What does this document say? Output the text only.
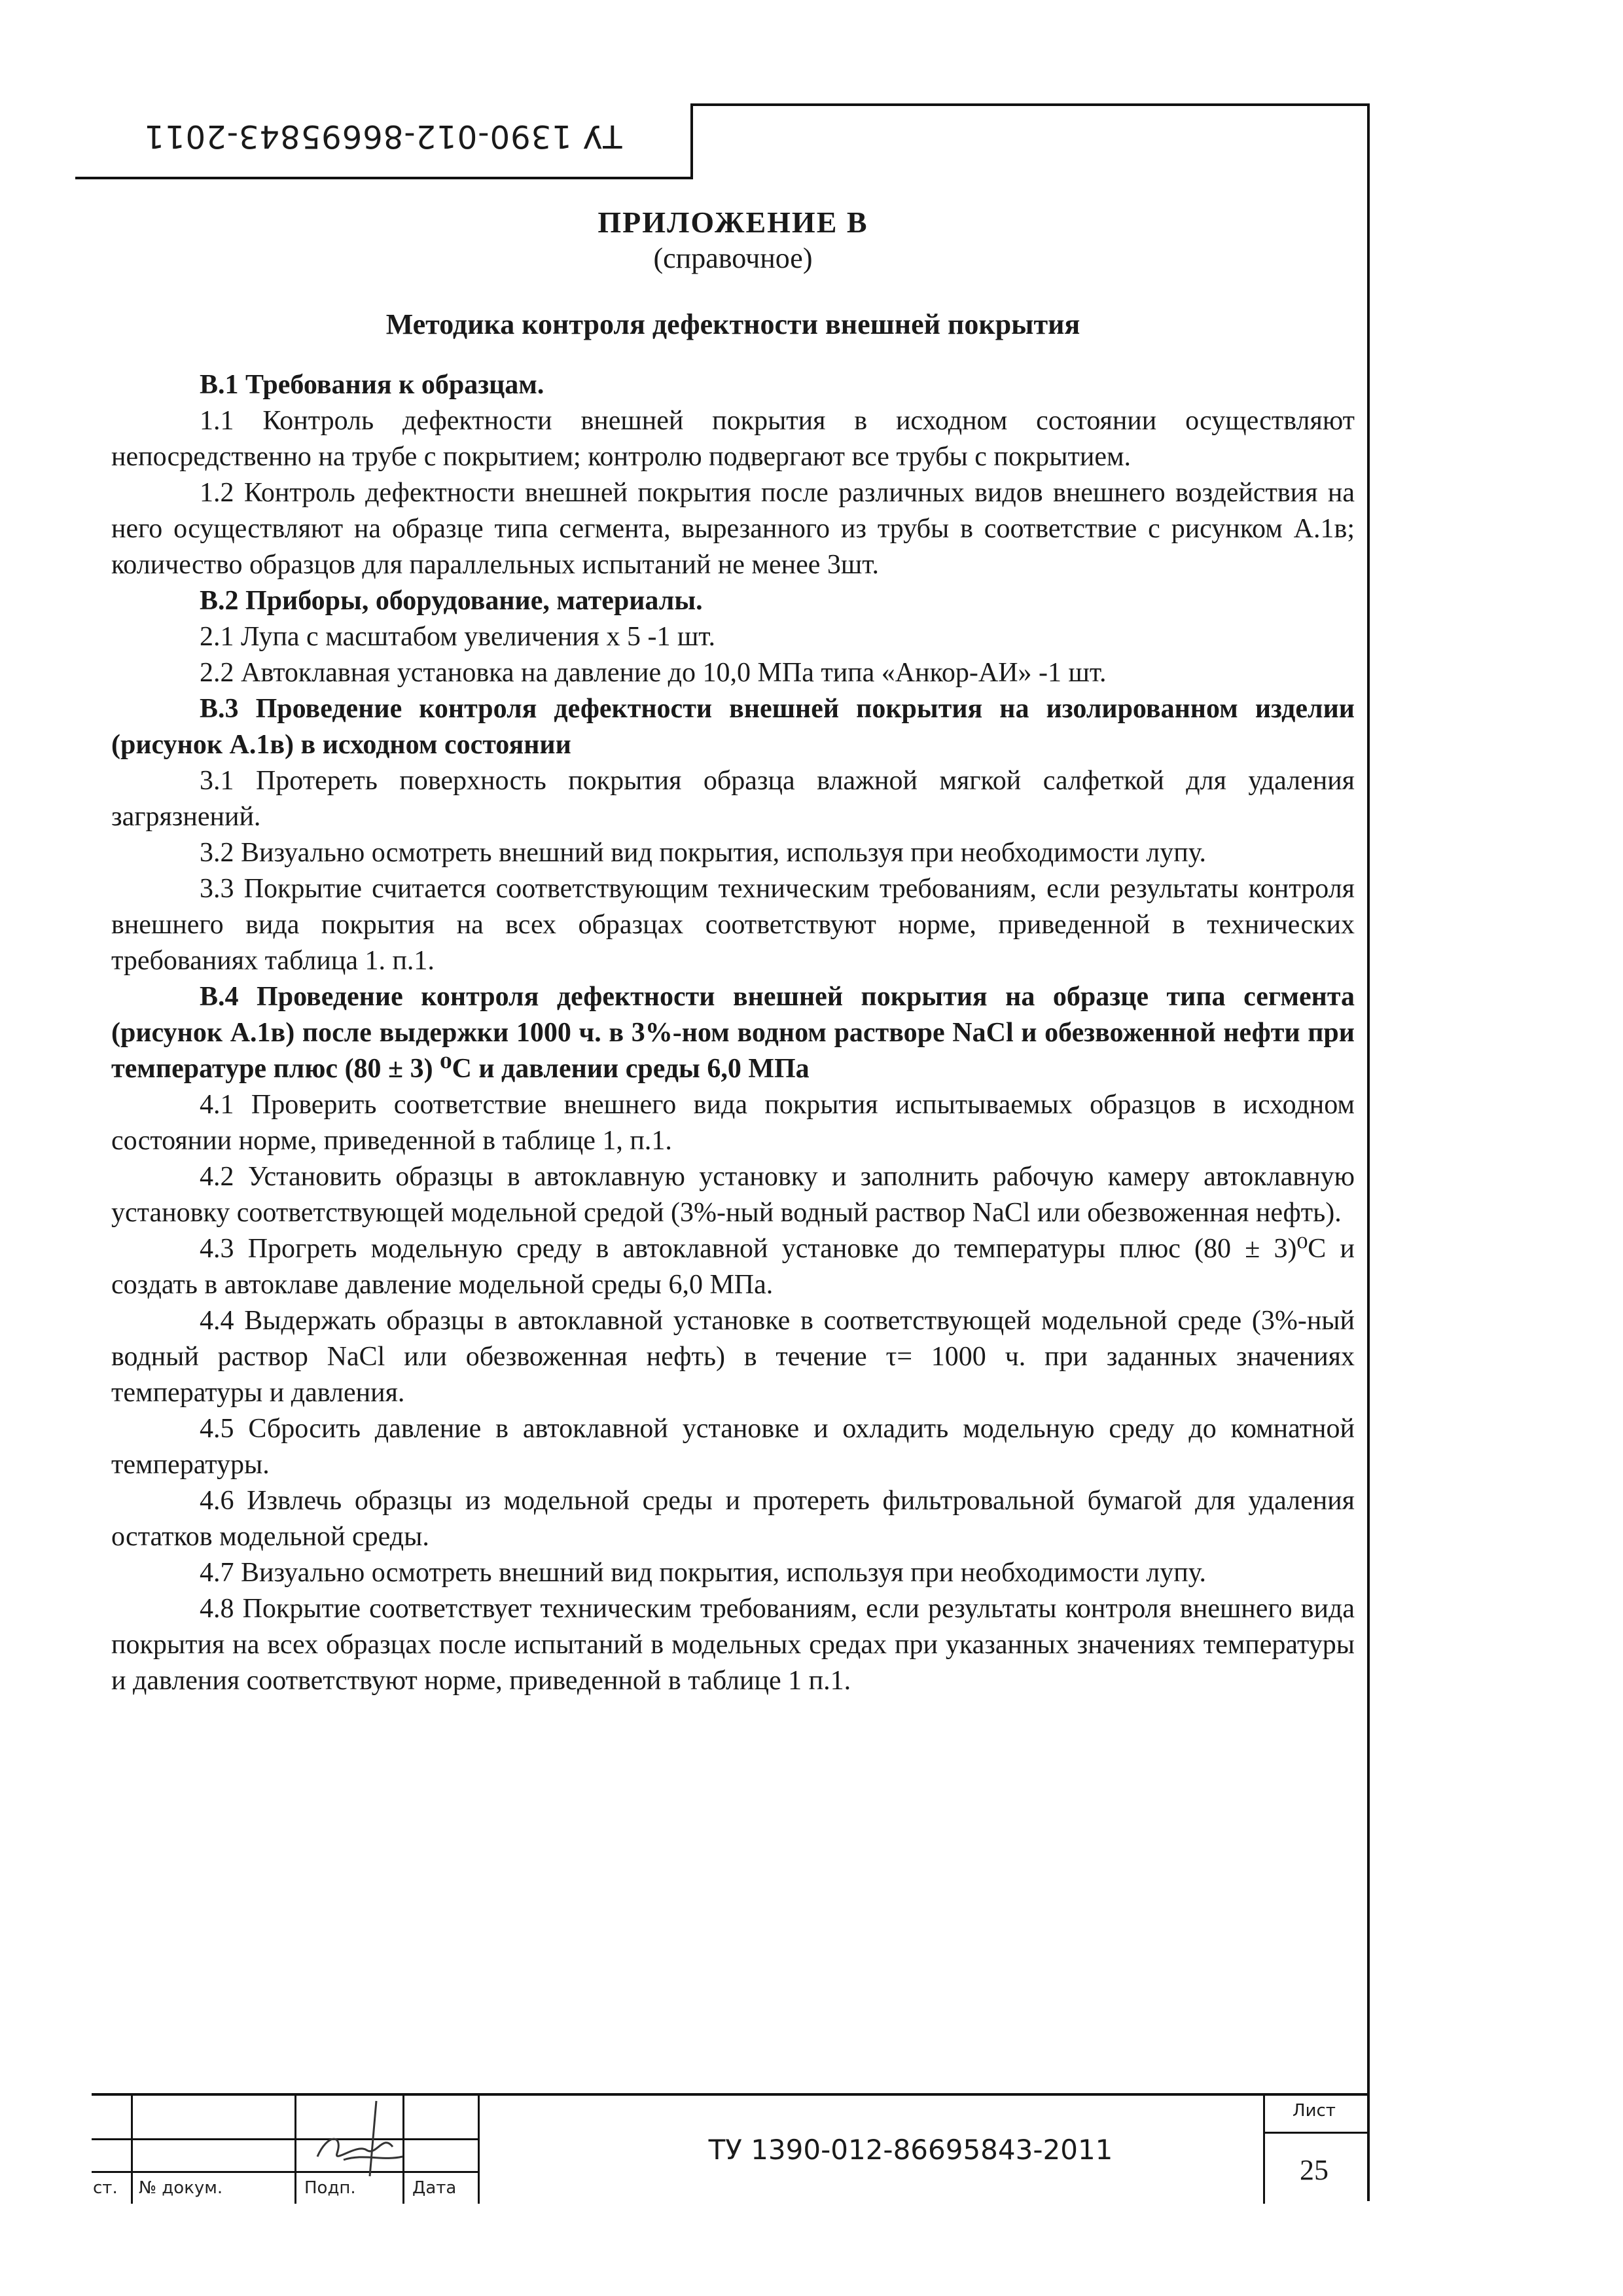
ТУ 1390-012-86695843-2011
ПРИЛОЖЕНИЕ В
(справочное)
Методика контроля дефектности внешней покрытия

В.1 Требования к образцам.

1.1 Контроль дефектности внешней покрытия в исходном состоянии осуществляют непосредственно на трубе с покрытием; контролю подвергают все трубы с покрытием.

1.2 Контроль дефектности внешней покрытия после различных видов внешнего воздействия на него осуществляют на образце типа сегмента, вырезанного из трубы в соответствие с рисунком А.1в; количество образцов для параллельных испытаний не менее 3шт.

В.2 Приборы, оборудование, материалы.

2.1 Лупа с масштабом увеличения х 5 -1 шт.

2.2 Автоклавная установка на давление до 10,0 МПа типа «Анкор-АИ» -1 шт.

В.3 Проведение контроля дефектности внешней покрытия на изолированном изделии (рисунок А.1в) в исходном состоянии

3.1 Протереть поверхность покрытия образца влажной мягкой салфеткой для удаления загрязнений.

3.2 Визуально осмотреть внешний вид покрытия, используя при необходимости лупу.

3.3 Покрытие считается соответствующим техническим требованиям, если результаты контроля внешнего вида покрытия на всех образцах соответствуют норме, приведенной в технических требованиях таблица 1. п.1.

В.4 Проведение контроля дефектности внешней покрытия на образце типа сегмента (рисунок А.1в) после выдержки 1000 ч. в 3%-ном водном растворе NaCl и обезвоженной нефти при температуре плюс (80 ± 3) ⁰С и давлении среды 6,0 МПа

4.1 Проверить соответствие внешнего вида покрытия испытываемых образцов в исходном состоянии норме, приведенной в таблице 1, п.1.

4.2 Установить образцы в автоклавную установку и заполнить рабочую камеру автоклавную установку соответствующей модельной средой (3%-ный водный раствор NaCl или обезвоженная нефть).

4.3 Прогреть модельную среду в автоклавной установке до температуры плюс (80 ± 3)⁰С и создать в автоклаве давление модельной среды 6,0 МПа.

4.4 Выдержать образцы в автоклавной установке в соответствующей модельной среде (3%-ный водный раствор NaCl или обезвоженная нефть) в течение τ= 1000 ч. при заданных значениях температуры и давления.

4.5 Сбросить давление в автоклавной установке и охладить модельную среду до комнатной температуры.

4.6 Извлечь образцы из модельной среды и протереть фильтровальной бумагой для удаления остатков модельной среды.

4.7 Визуально осмотреть внешний вид покрытия, используя при необходимости лупу.

4.8 Покрытие соответствует техническим требованиям, если результаты контроля внешнего вида покрытия на всех образцах после испытаний в модельных средах при указанных значениях температуры и давления соответствуют норме, приведенной в таблице 1 п.1.

ст. № докум.	Подп.	Дата
ТУ 1390-012-86695843-2011
Лист
25
